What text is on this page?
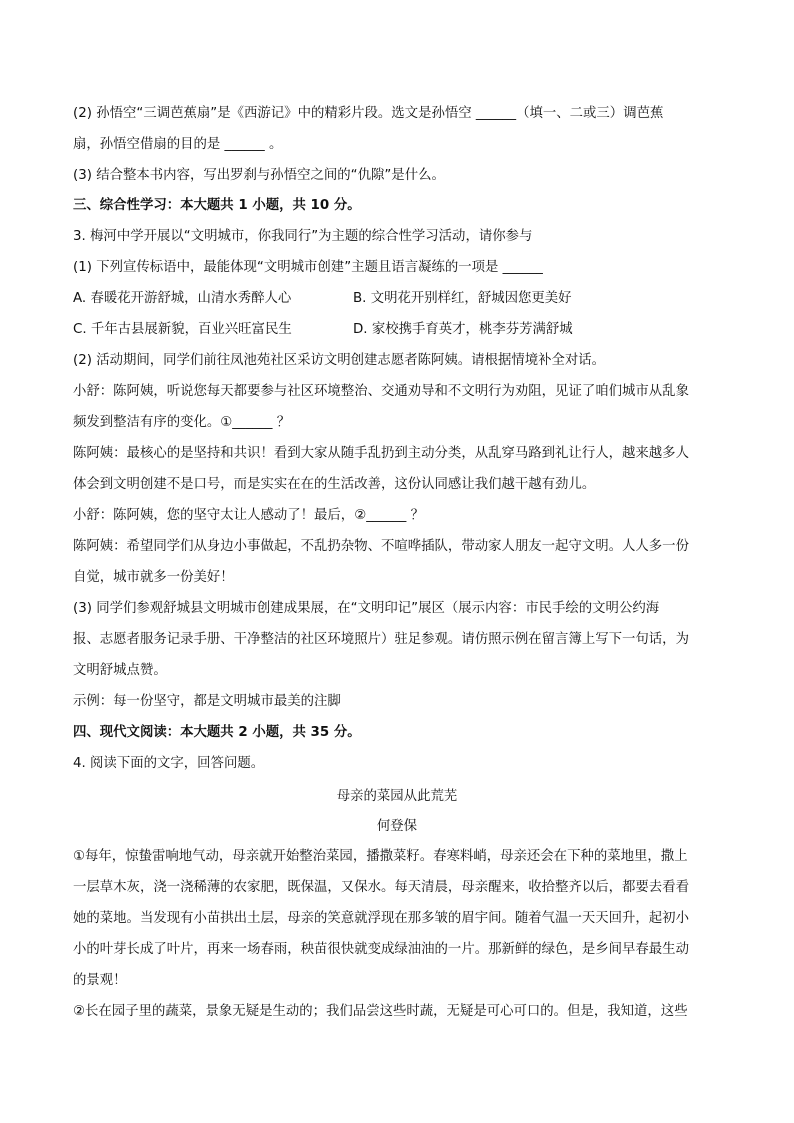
(2) 孙悟空“三调芭蕉扇”是《西游记》中的精彩片段。选文是孙悟空 ______（填一、二或三）调芭蕉
扇，孙悟空借扇的目的是 ______ 。
(3) 结合整本书内容，写出罗刹与孙悟空之间的“仇隙”是什么。
三、综合性学习：本大题共 1 小题，共 10 分。
3. 梅河中学开展以“文明城市，你我同行”为主题的综合性学习活动，请你参与
(1) 下列宣传标语中，最能体现“文明城市创建”主题且语言凝练的一项是 ______
A. 春暖花开游舒城，山清水秀醉人心	B. 文明花开别样红，舒城因您更美好
C. 千年古县展新貌，百业兴旺富民生	D. 家校携手育英才，桃李芬芳满舒城
(2) 活动期间，同学们前往凤池苑社区采访文明创建志愿者陈阿姨。请根据情境补全对话。
小舒：陈阿姨，听说您每天都要参与社区环境整治、交通劝导和不文明行为劝阻，见证了咱们城市从乱象
频发到整洁有序的变化。①______ ？
陈阿姨：最核心的是坚持和共识！看到大家从随手乱扔到主动分类，从乱穿马路到礼让行人，越来越多人
体会到文明创建不是口号，而是实实在在的生活改善，这份认同感让我们越干越有劲儿。
小舒：陈阿姨，您的坚守太让人感动了！最后，②______ ？
陈阿姨：希望同学们从身边小事做起，不乱扔杂物、不喧哗插队，带动家人朋友一起守文明。人人多一份
自觉，城市就多一份美好！
(3) 同学们参观舒城县文明城市创建成果展，在“文明印记”展区（展示内容：市民手绘的文明公约海
报、志愿者服务记录手册、干净整洁的社区环境照片）驻足参观。请仿照示例在留言簿上写下一句话，为
文明舒城点赞。
示例：每一份坚守，都是文明城市最美的注脚
四、现代文阅读：本大题共 2 小题，共 35 分。
4. 阅读下面的文字，回答问题。
母亲的菜园从此荒芜
何登保
①每年，惊蛰雷响地气动，母亲就开始整治菜园，播撒菜籽。春寒料峭，母亲还会在下种的菜地里，撒上
一层草木灰，浇一浇稀薄的农家肥，既保温，又保水。每天清晨，母亲醒来，收拾整齐以后，都要去看看
她的菜地。当发现有小苗拱出土层，母亲的笑意就浮现在那多皱的眉宇间。随着气温一天天回升，起初小
小的叶芽长成了叶片，再来一场春雨，秧苗很快就变成绿油油的一片。那新鲜的绿色，是乡间早春最生动
的景观！
②长在园子里的蔬菜，景象无疑是生动的；我们品尝这些时蔬，无疑是可心可口的。但是，我知道，这些
